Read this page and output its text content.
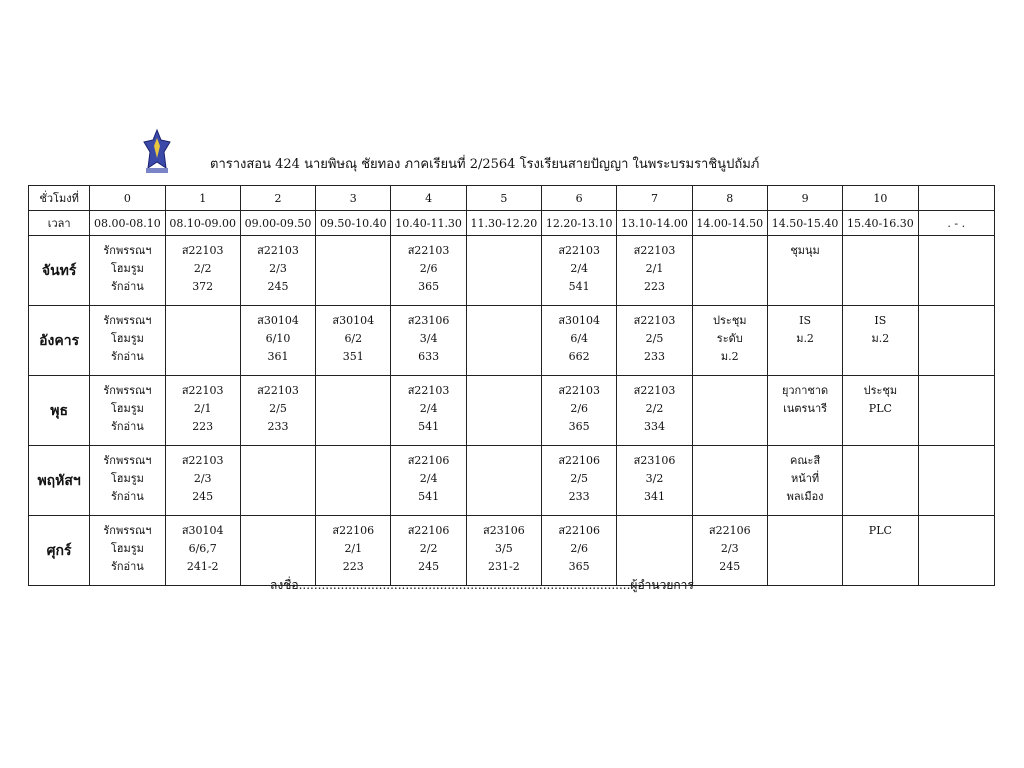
ตารางสอน 424 นายพิษณุ ชัยทอง ภาคเรียนที่ 2/2564 โรงเรียนสายปัญญา ในพระบรมราชินูปถัมภ์
ชั่วโมงที่	0	1	2	3	4	5	6	7	8	9	10	
เวลา	08.00-08.10	08.10-09.00	09.00-09.50	09.50-10.40	10.40-11.30	11.30-12.20	12.20-13.10	13.10-14.00	14.00-14.50	14.50-15.40	15.40-16.30	. - .
จันทร์	รักพรรณฯ
โฮมรูม
รักอ่าน	ส22103
2/2
372	ส22103
2/3
245		ส22103
2/6
365		ส22103
2/4
541	ส22103
2/1
223		ชุมนุม		

อังคาร	รักพรรณฯ
โฮมรูม
รักอ่าน		ส30104
6/10
361	ส30104
6/2
351	ส23106
3/4
633		ส30104
6/4
662	ส22103
2/5
233	ประชุม
ระดับ
ม.2	IS
ม.2	IS
ม.2	

พุธ	รักพรรณฯ
โฮมรูม
รักอ่าน	ส22103
2/1
223	ส22103
2/5
233		ส22103
2/4
541		ส22103
2/6
365	ส22103
2/2
334		ยุวกาชาด
เนตรนารี	ประชุม
PLC	

พฤหัสฯ	รักพรรณฯ
โฮมรูม
รักอ่าน	ส22103
2/3
245			ส22106
2/4
541		ส22106
2/5
233	ส23106
3/2
341		คณะสี
หน้าที่
พลเมือง		

ศุกร์	รักพรรณฯ
โฮมรูม
รักอ่าน	ส30104
6/6,7
241-2		ส22106
2/1
223	ส22106
2/2
245	ส23106
3/5
231-2	ส22106
2/6
365		ส22106
2/3
245		PLC	

ลงชื่อ.......................................................................................ผู้อำนวยการ
